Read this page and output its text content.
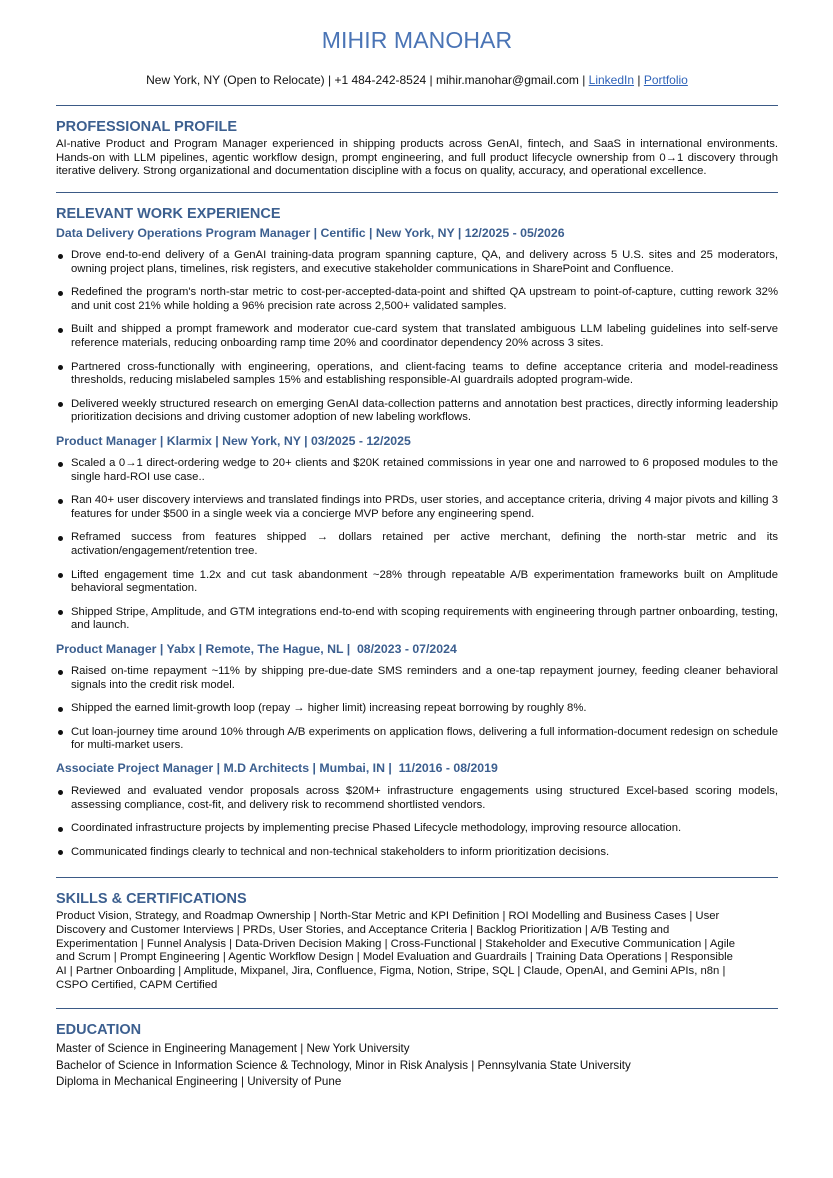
MIHIR MANOHAR
New York, NY (Open to Relocate) | +1 484-242-8524 | mihir.manohar@gmail.com | LinkedIn | Portfolio
PROFESSIONAL PROFILE
AI-native Product and Program Manager experienced in shipping products across GenAI, fintech, and SaaS in international environments. Hands-on with LLM pipelines, agentic workflow design, prompt engineering, and full product lifecycle ownership from 0→1 discovery through iterative delivery. Strong organizational and documentation discipline with a focus on quality, accuracy, and operational excellence.
RELEVANT WORK EXPERIENCE
Data Delivery Operations Program Manager | Centific | New York, NY | 12/2025 - 05/2026
Drove end-to-end delivery of a GenAI training-data program spanning capture, QA, and delivery across 5 U.S. sites and 25 moderators, owning project plans, timelines, risk registers, and executive stakeholder communications in SharePoint and Confluence.
Redefined the program's north-star metric to cost-per-accepted-data-point and shifted QA upstream to point-of-capture, cutting rework 32% and unit cost 21% while holding a 96% precision rate across 2,500+ validated samples.
Built and shipped a prompt framework and moderator cue-card system that translated ambiguous LLM labeling guidelines into self-serve reference materials, reducing onboarding ramp time 20% and coordinator dependency 20% across 3 sites.
Partnered cross-functionally with engineering, operations, and client-facing teams to define acceptance criteria and model-readiness thresholds, reducing mislabeled samples 15% and establishing responsible-AI guardrails adopted program-wide.
Delivered weekly structured research on emerging GenAI data-collection patterns and annotation best practices, directly informing leadership prioritization decisions and driving customer adoption of new labeling workflows.
Product Manager | Klarmix | New York, NY | 03/2025 - 12/2025
Scaled a 0→1 direct-ordering wedge to 20+ clients and $20K retained commissions in year one and narrowed to 6 proposed modules to the single hard-ROI use case..
Ran 40+ user discovery interviews and translated findings into PRDs, user stories, and acceptance criteria, driving 4 major pivots and killing 3 features for under $500 in a single week via a concierge MVP before any engineering spend.
Reframed success from features shipped → dollars retained per active merchant, defining the north-star metric and its activation/engagement/retention tree.
Lifted engagement time 1.2x and cut task abandonment ~28% through repeatable A/B experimentation frameworks built on Amplitude behavioral segmentation.
Shipped Stripe, Amplitude, and GTM integrations end-to-end with scoping requirements with engineering through partner onboarding, testing, and launch.
Product Manager | Yabx | Remote, The Hague, NL |  08/2023 - 07/2024
Raised on-time repayment ~11% by shipping pre-due-date SMS reminders and a one-tap repayment journey, feeding cleaner behavioral signals into the credit risk model.
Shipped the earned limit-growth loop (repay → higher limit) increasing repeat borrowing by roughly 8%.
Cut loan-journey time around 10% through A/B experiments on application flows, delivering a full information-document redesign on schedule for multi-market users.
Associate Project Manager | M.D Architects | Mumbai, IN |  11/2016 - 08/2019
Reviewed and evaluated vendor proposals across $20M+ infrastructure engagements using structured Excel-based scoring models, assessing compliance, cost-fit, and delivery risk to recommend shortlisted vendors.
Coordinated infrastructure projects by implementing precise Phased Lifecycle methodology, improving resource allocation.
Communicated findings clearly to technical and non-technical stakeholders to inform prioritization decisions.
SKILLS & CERTIFICATIONS
Product Vision, Strategy, and Roadmap Ownership | North-Star Metric and KPI Definition | ROI Modelling and Business Cases | User
Discovery and Customer Interviews | PRDs, User Stories, and Acceptance Criteria | Backlog Prioritization | A/B Testing and
Experimentation | Funnel Analysis | Data-Driven Decision Making | Cross-Functional | Stakeholder and Executive Communication | Agile
and Scrum | Prompt Engineering | Agentic Workflow Design | Model Evaluation and Guardrails | Training Data Operations | Responsible
AI | Partner Onboarding | Amplitude, Mixpanel, Jira, Confluence, Figma, Notion, Stripe, SQL | Claude, OpenAI, and Gemini APIs, n8n |
CSPO Certified, CAPM Certified
EDUCATION
Master of Science in Engineering Management | New York University
Bachelor of Science in Information Science & Technology, Minor in Risk Analysis | Pennsylvania State University
Diploma in Mechanical Engineering | University of Pune
